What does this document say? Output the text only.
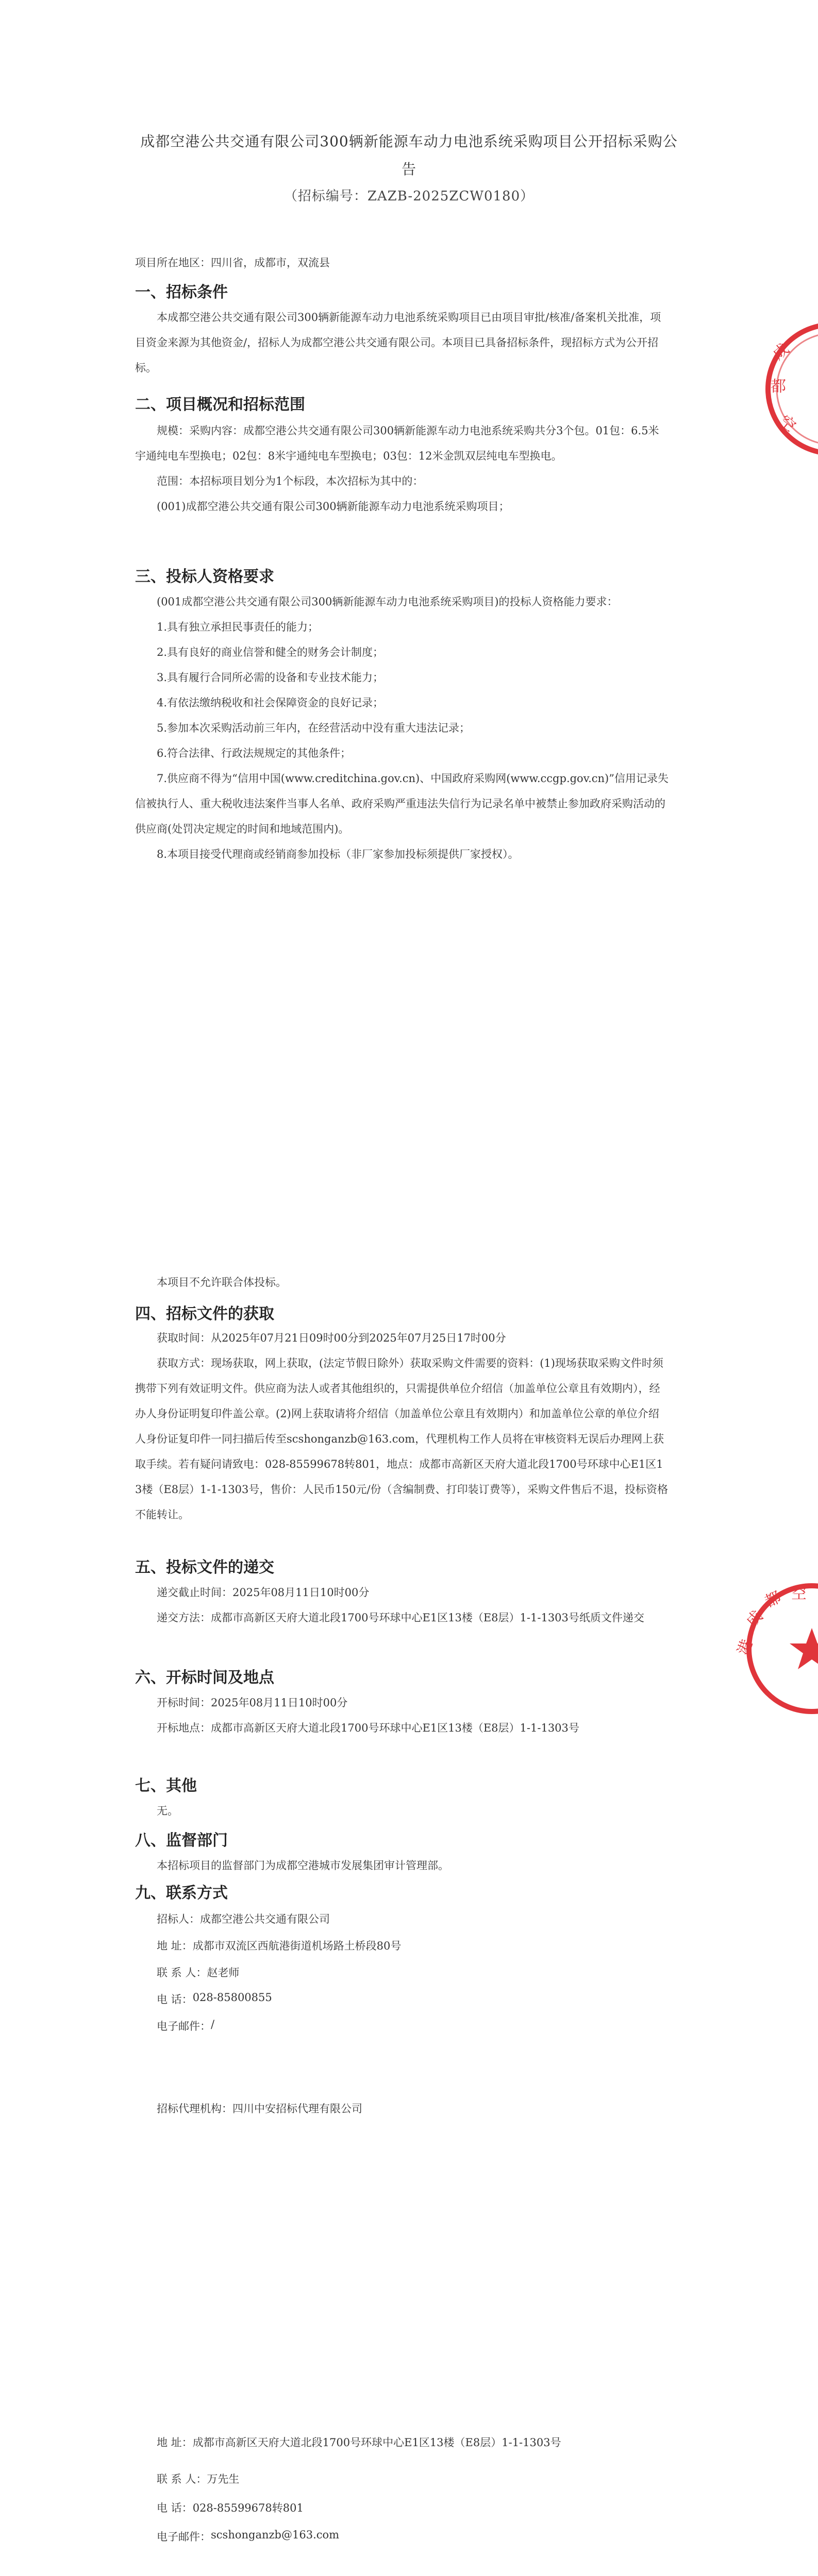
成都空港公共交通有限公司300辆新能源车动力电池系统采购项目公开招标采购公告
（招标编号：ZAZB-2025ZCW0180）

项目所在地区：四川省，成都市，双流县

一、招标条件

本成都空港公共交通有限公司300辆新能源车动力电池系统采购项目已由项目审批/核准/备案机关批准，项目资金来源为其他资金/，招标人为成都空港公共交通有限公司。本项目已具备招标条件，现招标方式为公开招标。

二、项目概况和招标范围

规模：采购内容：成都空港公共交通有限公司300辆新能源车动力电池系统采购共分3个包。01包：6.5米宇通纯电车型换电；02包：8米宇通纯电车型换电；03包：12米金凯双层纯电车型换电。

范围：本招标项目划分为1个标段，本次招标为其中的：

(001)成都空港公共交通有限公司300辆新能源车动力电池系统采购项目；

三、投标人资格要求

(001成都空港公共交通有限公司300辆新能源车动力电池系统采购项目)的投标人资格能力要求：

1.具有独立承担民事责任的能力；

2.具有良好的商业信誉和健全的财务会计制度；

3.具有履行合同所必需的设备和专业技术能力；

4.有依法缴纳税收和社会保障资金的良好记录；

5.参加本次采购活动前三年内，在经营活动中没有重大违法记录；

6.符合法律、行政法规规定的其他条件；

7.供应商不得为“信用中国(www.creditchina.gov.cn)、中国政府采购网(www.ccgp.gov.cn)”信用记录失信被执行人、重大税收违法案件当事人名单、政府采购严重违法失信行为记录名单中被禁止参加政府采购活动的供应商(处罚决定规定的时间和地域范围内)。

8.本项目接受代理商或经销商参加投标（非厂家参加投标须提供厂家授权）。

成
都
空

本项目不允许联合体投标。

四、招标文件的获取

获取时间：从2025年07月21日09时00分到2025年07月25日17时00分

获取方式：现场获取，网上获取，(法定节假日除外）获取采购文件需要的资料：(1)现场获取采购文件时须携带下列有效证明文件。供应商为法人或者其他组织的，只需提供单位介绍信（加盖单位公章且有效期内），经办人身份证明复印件盖公章。(2)网上获取请将介绍信（加盖单位公章且有效期内）和加盖单位公章的单位介绍人身份证复印件一同扫描后传至scshonganzb@163.com，代理机构工作人员将在审核资料无误后办理网上获取手续。若有疑问请致电：028-85599678转801，地点：成都市高新区天府大道北段1700号环球中心E1区13楼（E8层）1-1-1303号，售价：人民币150元/份（含编制费、打印装订费等），采购文件售后不退，投标资格不能转让。

五、投标文件的递交

递交截止时间：2025年08月11日10时00分

递交方法：成都市高新区天府大道北段1700号环球中心E1区13楼（E8层）1-1-1303号纸质文件递交

六、开标时间及地点

开标时间：2025年08月11日10时00分

开标地点：成都市高新区天府大道北段1700号环球中心E1区13楼（E8层）1-1-1303号

七、其他

无。

八、监督部门

本招标项目的监督部门为成都空港城市发展集团审计管理部。

九、联系方式
招标人： 成都空港公共交通有限公司
地 址： 成都市双流区西航港街道机场路土桥段80号
联 系 人： 赵老师
电 话： 028-85800855
电子邮件： /
招标代理机构： 四川中安招标代理有限公司
成
都 空
港
地 址： 成都市高新区天府大道北段1700号环球中心E1区13楼（E8层）1-1-1303号
联 系 人： 万先生
电 话： 028-85599678转801
电子邮件： scshonganzb@163.com
